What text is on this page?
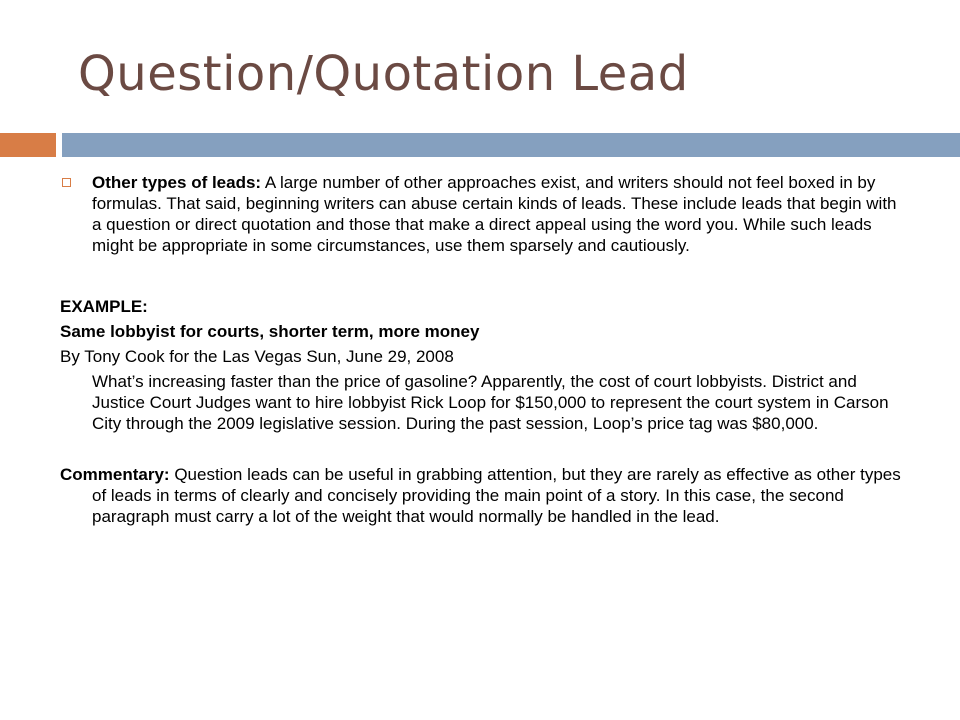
Question/Quotation Lead

Other types of leads: A large number of other approaches exist, and writers should not feel boxed in by formulas. That said, beginning writers can abuse certain kinds of leads. These include leads that begin with a question or direct quotation and those that make a direct appeal using the word you. While such leads might be appropriate in some circumstances, use them sparsely and cautiously.

EXAMPLE:

Same lobbyist for courts, shorter term, more money

By Tony Cook for the Las Vegas Sun, June 29, 2008

What’s increasing faster than the price of gasoline? Apparently, the cost of court lobbyists. District and Justice Court Judges want to hire lobbyist Rick Loop for $150,000 to represent the court system in Carson City through the 2009 legislative session. During the past session, Loop’s price tag was $80,000.

Commentary: Question leads can be useful in grabbing attention, but they are rarely as effective as other types of leads in terms of clearly and concisely providing the main point of a story. In this case, the second paragraph must carry a lot of the weight that would normally be handled in the lead.
